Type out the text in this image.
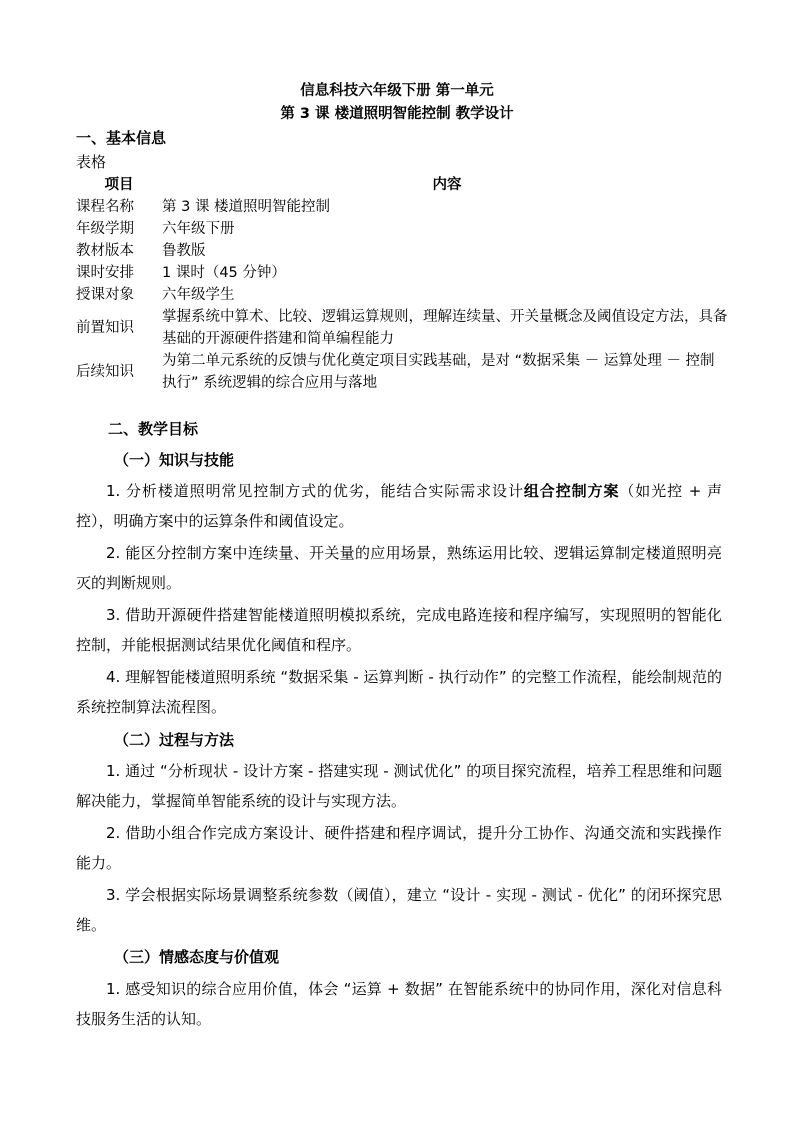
信息科技六年级下册 第一单元
第 3 课 楼道照明智能控制 教学设计
一、基本信息
表格
项目	内容
课程名称	第 3 课 楼道照明智能控制
年级学期	六年级下册
教材版本	鲁教版
课时安排	1 课时（45 分钟）
授课对象	六年级学生
前置知识	掌握系统中算术、比较、逻辑运算规则，理解连续量、开关量概念及阈值设定方法，具备基础的开源硬件搭建和简单编程能力
后续知识	为第二单元系统的反馈与优化奠定项目实践基础，是对 “数据采集 － 运算处理 － 控制执行” 系统逻辑的综合应用与落地
二、教学目标
（一）知识与技能
1. 分析楼道照明常见控制方式的优劣，能结合实际需求设计组合控制方案（如光控 + 声控），明确方案中的运算条件和阈值设定。
2. 能区分控制方案中连续量、开关量的应用场景，熟练运用比较、逻辑运算制定楼道照明亮灭的判断规则。
3. 借助开源硬件搭建智能楼道照明模拟系统，完成电路连接和程序编写，实现照明的智能化控制，并能根据测试结果优化阈值和程序。
4. 理解智能楼道照明系统 “数据采集 - 运算判断 - 执行动作” 的完整工作流程，能绘制规范的系统控制算法流程图。
（二）过程与方法
1. 通过 “分析现状 - 设计方案 - 搭建实现 - 测试优化” 的项目探究流程，培养工程思维和问题解决能力，掌握简单智能系统的设计与实现方法。
2. 借助小组合作完成方案设计、硬件搭建和程序调试，提升分工协作、沟通交流和实践操作能力。
3. 学会根据实际场景调整系统参数（阈值），建立 “设计 - 实现 - 测试 - 优化” 的闭环探究思维。
（三）情感态度与价值观
1. 感受知识的综合应用价值，体会 “运算 + 数据” 在智能系统中的协同作用，深化对信息科技服务生活的认知。
